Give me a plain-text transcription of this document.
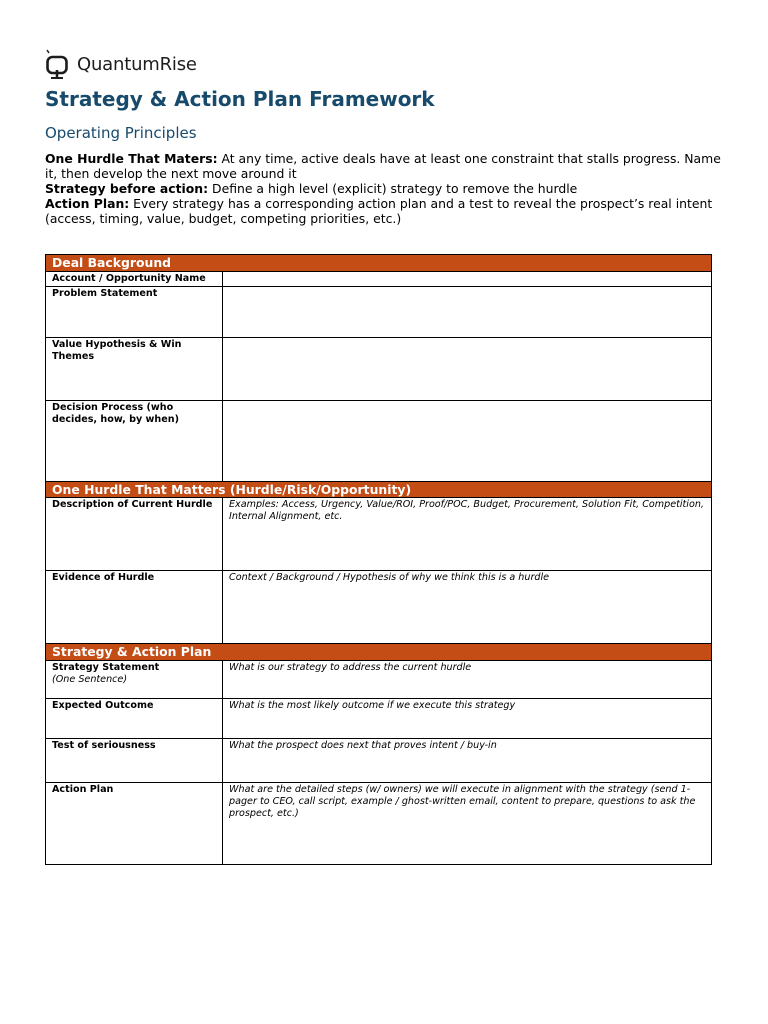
QuantumRise
Strategy & Action Plan Framework
Operating Principles

One Hurdle That Maters: At any time, active deals have at least one constraint that stalls progress. Name it, then develop the next move around it

Strategy before action: Define a high level (explicit) strategy to remove the hurdle

Action Plan: Every strategy has a corresponding action plan and a test to reveal the prospect’s real intent (access, timing, value, budget, competing priorities, etc.)

Deal Background	
Account / Opportunity Name	
Problem Statement	
Value Hypothesis & Win Themes	
Decision Process (who decides, how, by when)	
One Hurdle That Matters (Hurdle/Risk/Opportunity)	
Description of Current Hurdle	Examples: Access, Urgency, Value/ROI, Proof/POC, Budget, Procurement, Solution Fit, Competition, Internal Alignment, etc.
Evidence of Hurdle	Context / Background / Hypothesis of why we think this is a hurdle
Strategy & Action Plan	
Strategy Statement
(One Sentence)	What is our strategy to address the current hurdle
Expected Outcome	What is the most likely outcome if we execute this strategy
Test of seriousness	What the prospect does next that proves intent / buy-in
Action Plan	What are the detailed steps (w/ owners) we will execute in alignment with the strategy (send 1-pager to CEO, call script, example / ghost-written email, content to prepare, questions to ask the prospect, etc.)
